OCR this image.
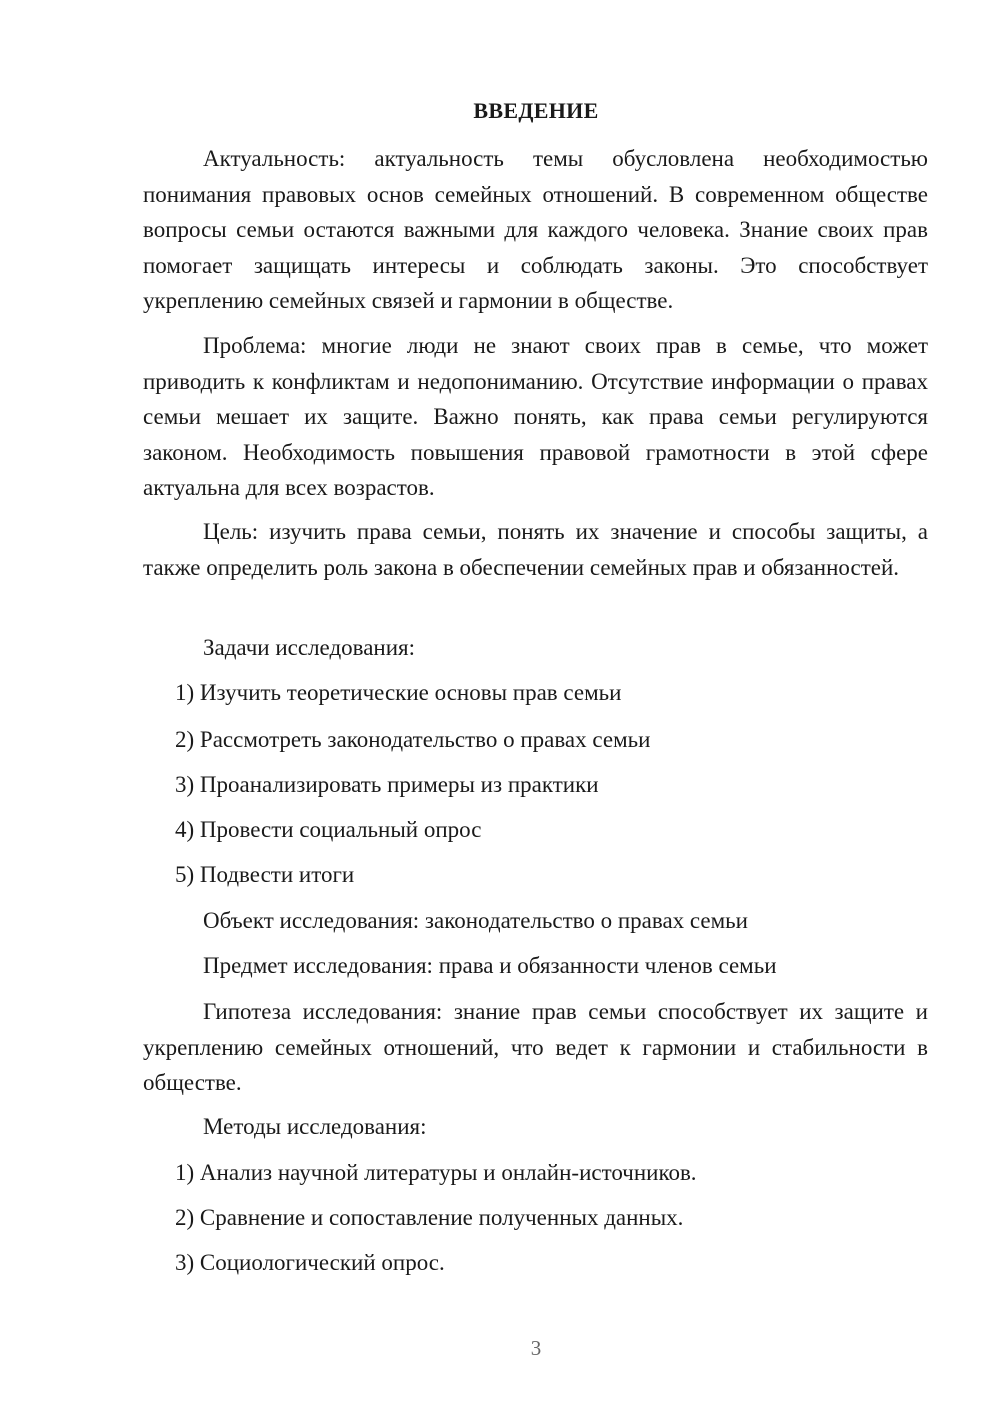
ВВЕДЕНИЕ

Актуальность: актуальность темы обусловлена необходимостью понимания правовых основ семейных отношений. В современном обществе вопросы семьи остаются важными для каждого человека. Знание своих прав помогает защищать интересы и соблюдать законы. Это способствует укреплению семейных связей и гармонии в обществе.

Проблема: многие люди не знают своих прав в семье, что может приводить к конфликтам и недопониманию. Отсутствие информации о правах семьи мешает их защите. Важно понять, как права семьи регулируются законом. Необходимость повышения правовой грамотности в этой сфере актуальна для всех возрастов.

Цель: изучить права семьи, понять их значение и способы защиты, а также определить роль закона в обеспечении семейных прав и обязанностей.

Задачи исследования:
1) Изучить теоретические основы прав семьи
2) Рассмотреть законодательство о правах семьи
3) Проанализировать примеры из практики
4) Провести социальный опрос
5) Подвести итоги
Объект исследования: законодательство о правах семьи
Предмет исследования: права и обязанности членов семьи

Гипотеза исследования: знание прав семьи способствует их защите и укреплению семейных отношений, что ведет к гармонии и стабильности в обществе.

Методы исследования:
1) Анализ научной литературы и онлайн-источников.
2) Сравнение и сопоставление полученных данных.
3) Социологический опрос.
3
